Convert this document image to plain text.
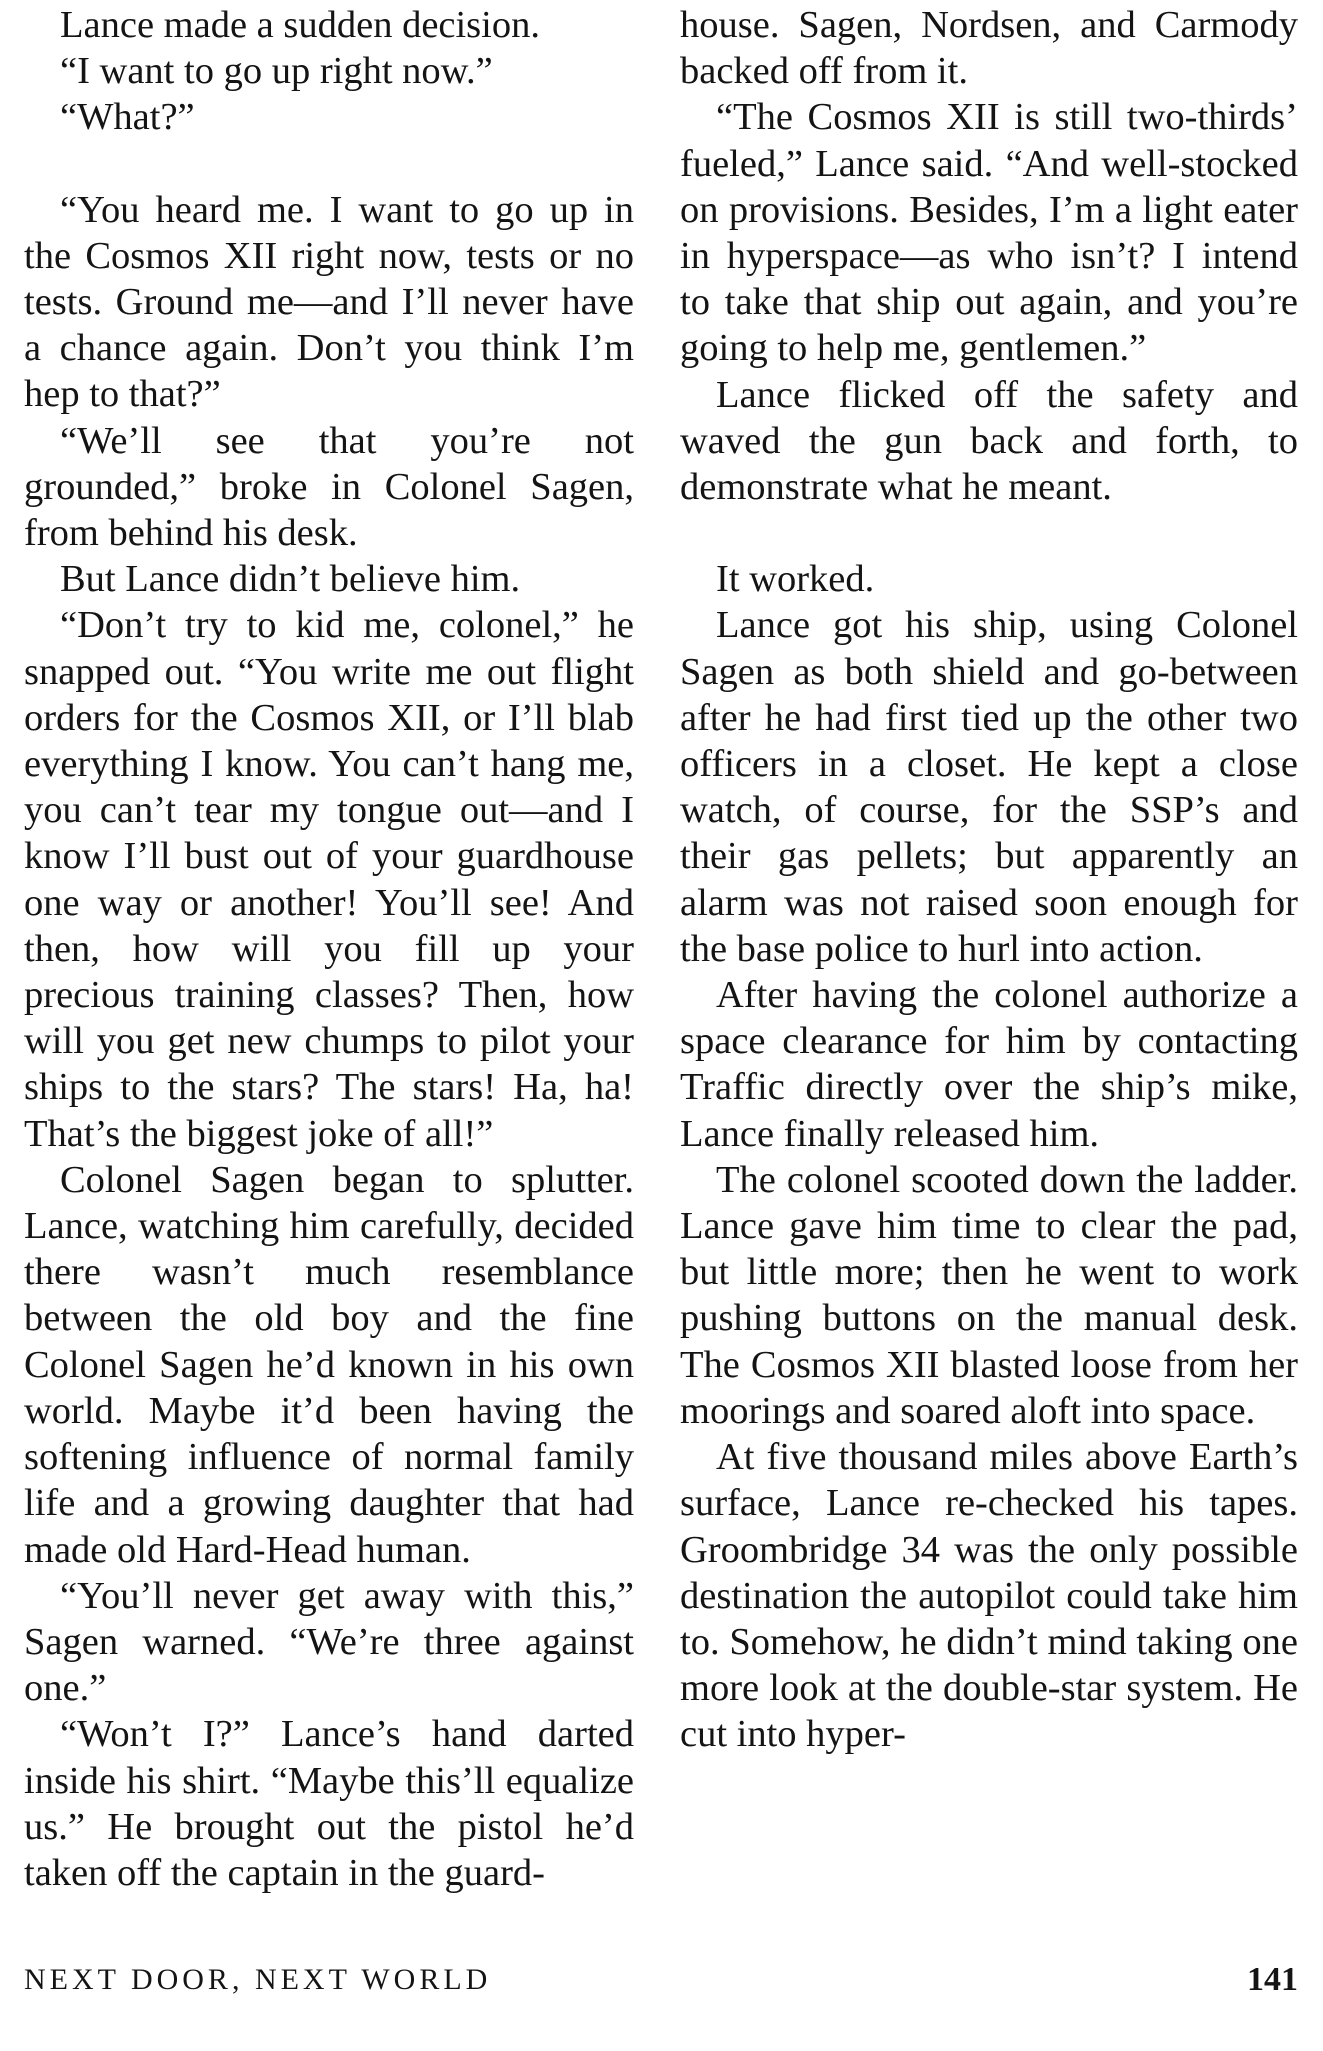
Lance made a sudden decision.

“I want to go up right now.”

“What?”

“You heard me. I want to go up in the Cosmos XII right now, tests or no tests. Ground me—and I’ll never have a chance again. Don’t you think I’m hep to that?”

“We’ll see that you’re not grounded,” broke in Colonel Sagen, from behind his desk.

But Lance didn’t believe him.

“Don’t try to kid me, colonel,” he snapped out. “You write me out flight orders for the Cosmos XII, or I’ll blab everything I know. You can’t hang me, you can’t tear my tongue out—and I know I’ll bust out of your guardhouse one way or another! You’ll see! And then, how will you fill up your precious training classes? Then, how will you get new chumps to pilot your ships to the stars? The stars! Ha, ha! That’s the biggest joke of all!”

Colonel Sagen began to splutter. Lance, watching him carefully, decided there wasn’t much resemblance between the old boy and the fine Colonel Sagen he’d known in his own world. Maybe it’d been having the softening influence of normal family life and a growing daughter that had made old Hard-Head human.

“You’ll never get away with this,” Sagen warned. “We’re three against one.”

“Won’t I?” Lance’s hand darted inside his shirt. “Maybe this’ll equalize us.” He brought out the pistol he’d taken off the captain in the guard-

house. Sagen, Nordsen, and Carmody backed off from it.

“The Cosmos XII is still two-thirds’ fueled,” Lance said. “And well-stocked on provisions. Besides, I’m a light eater in hyperspace—as who isn’t? I intend to take that ship out again, and you’re going to help me, gentlemen.”

Lance flicked off the safety and waved the gun back and forth, to demonstrate what he meant.

It worked.

Lance got his ship, using Colonel Sagen as both shield and go-between after he had first tied up the other two officers in a closet. He kept a close watch, of course, for the SSP’s and their gas pellets; but apparently an alarm was not raised soon enough for the base police to hurl into action.

After having the colonel authorize a space clearance for him by contacting Traffic directly over the ship’s mike, Lance finally released him.

The colonel scooted down the ladder. Lance gave him time to clear the pad, but little more; then he went to work pushing buttons on the manual desk. The Cosmos XII blasted loose from her moorings and soared aloft into space.

At five thousand miles above Earth’s surface, Lance re-checked his tapes. Groombridge 34 was the only possible destination the autopilot could take him to. Somehow, he didn’t mind taking one more look at the double-star system. He cut into hyper-

NEXT DOOR, NEXT WORLD	141
